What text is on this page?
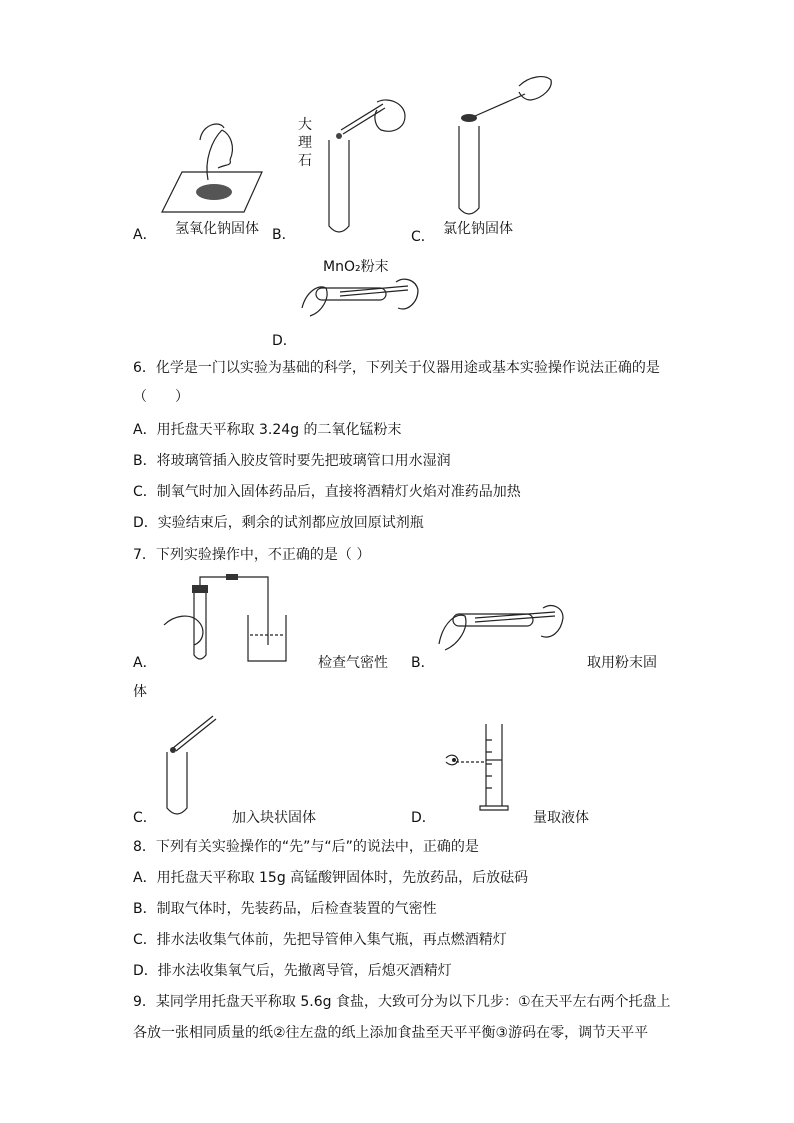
A． 氢氧化钠固体
大
理
石
B．	C． 氯化钠固体
MnO₂粉末
D．
6．化学是一门以实验为基础的科学，下列关于仪器用途或基本实验操作说法正确的是
（　　）
A．用托盘天平称取 3.24g 的二氧化锰粉末
B．将玻璃管插入胶皮管时要先把玻璃管口用水湿润
C．制氧气时加入固体药品后，直接将酒精灯火焰对准药品加热
D．实验结束后，剩余的试剂都应放回原试剂瓶
7．下列实验操作中，不正确的是（ ）
A．	检查气密性 B．	取用粉末固
体
C．	加入块状固体	D．	量取液体
8．下列有关实验操作的“先”与“后”的说法中，正确的是
A．用托盘天平称取 15g 高锰酸钾固体时，先放药品，后放砝码
B．制取气体时，先装药品，后检查装置的气密性
C．排水法收集气体前，先把导管伸入集气瓶，再点燃酒精灯
D．排水法收集氧气后，先撤离导管，后熄灭酒精灯
9．某同学用托盘天平称取 5.6g 食盐，大致可分为以下几步：①在天平左右两个托盘上
各放一张相同质量的纸②往左盘的纸上添加食盐至天平平衡③游码在零，调节天平平
